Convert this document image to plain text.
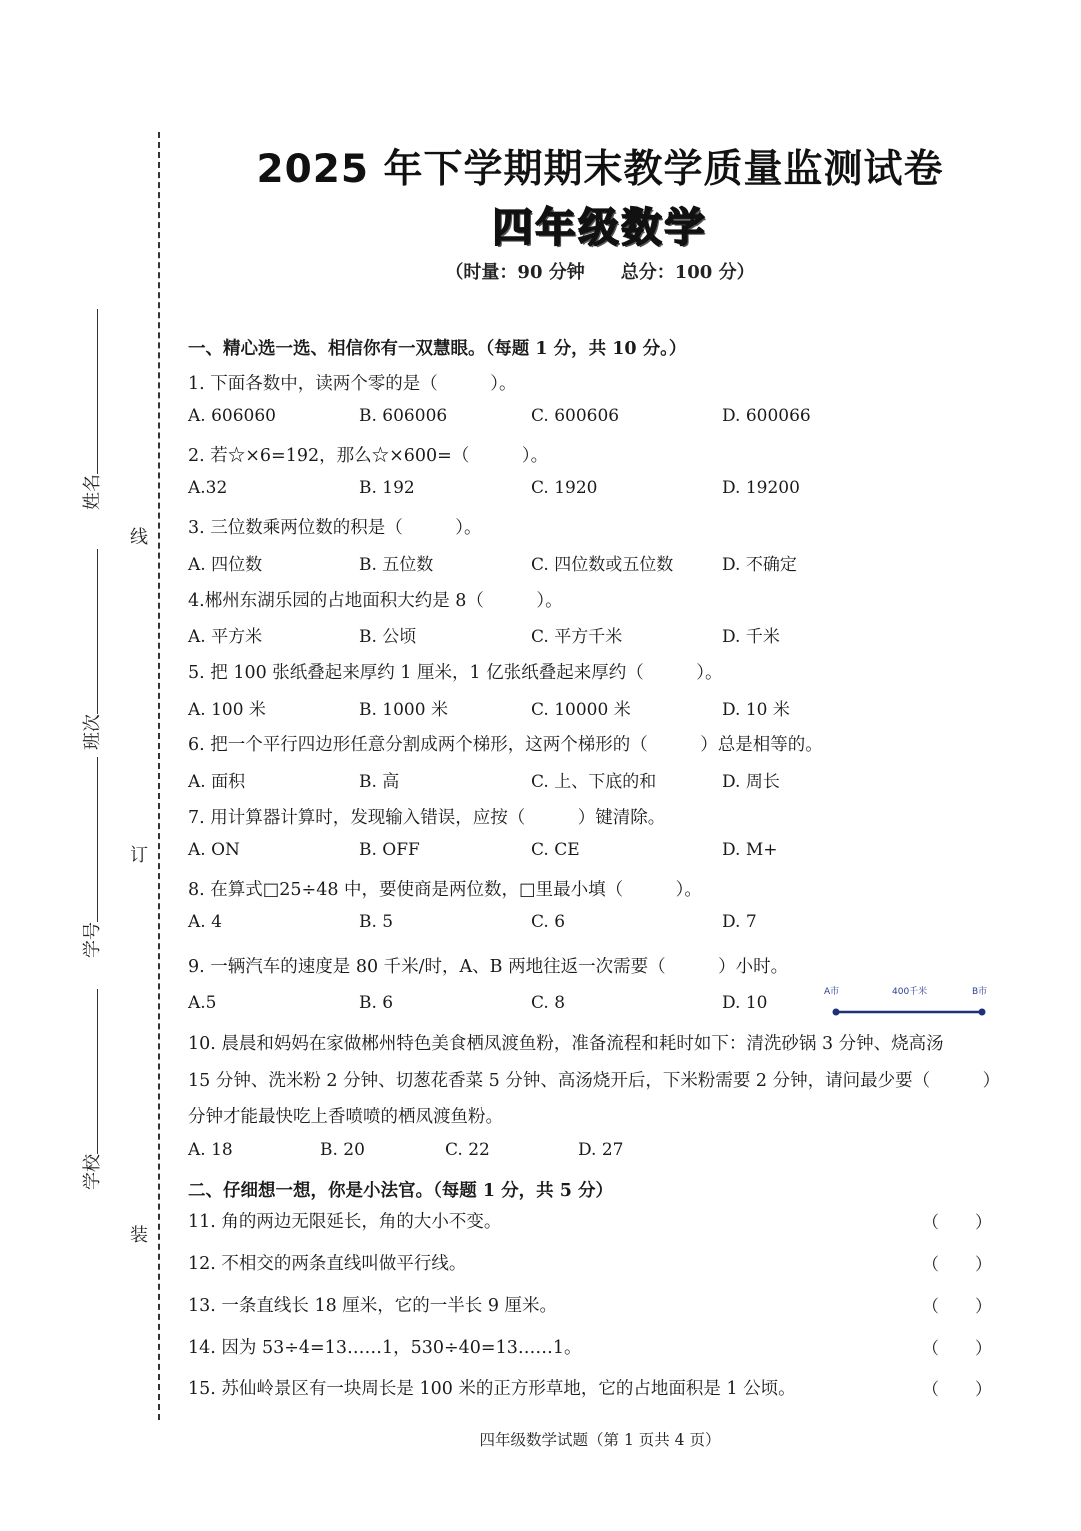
2025 年下学期期末教学质量监测试卷
四年级数学
（时量：90 分钟　　总分：100 分）
姓名
班次
学号
学校
线
订
装
一、精心选一选、相信你有一双慧眼。（每题 1 分，共 10 分。）
1. 下面各数中，读两个零的是（　　　）。
A. 606060	B. 606006	C. 600606	D. 600066
2. 若☆×6=192，那么☆×600=（　　　）。
A.32	B. 192	C. 1920	D. 19200
3. 三位数乘两位数的积是（　　　）。
A. 四位数	B. 五位数	C. 四位数或五位数	D. 不确定
4.郴州东湖乐园的占地面积大约是 8（　　　）。
A. 平方米	B. 公顷	C. 平方千米	D. 千米
5. 把 100 张纸叠起来厚约 1 厘米，1 亿张纸叠起来厚约（　　　）。
A. 100 米	B. 1000 米	C. 10000 米	D. 10 米
6. 把一个平行四边形任意分割成两个梯形，这两个梯形的（　　　）总是相等的。
A. 面积	B. 高	C. 上、下底的和	D. 周长
7. 用计算器计算时，发现输入错误，应按（　　　）键清除。
A. ON	B. OFF	C. CE	D. M+
8. 在算式□25÷48 中，要使商是两位数，□里最小填（　　　）。
A. 4	B. 5	C. 6	D. 7
9. 一辆汽车的速度是 80 千米/时，A、B 两地往返一次需要（　　　）小时。
A.5	B. 6	C. 8	D. 10
A市	400千米	B市
10. 晨晨和妈妈在家做郴州特色美食栖凤渡鱼粉，准备流程和耗时如下：清洗砂锅 3 分钟、烧高汤
15 分钟、洗米粉 2 分钟、切葱花香菜 5 分钟、高汤烧开后，下米粉需要 2 分钟，请问最少要（　　　）
分钟才能最快吃上香喷喷的栖凤渡鱼粉。
A. 18	B. 20	C. 22	D. 27
二、仔细想一想，你是小法官。（每题 1 分，共 5 分）
11. 角的两边无限延长，角的大小不变。	（ ）
12. 不相交的两条直线叫做平行线。	（ ）
13. 一条直线长 18 厘米，它的一半长 9 厘米。	（ ）
14. 因为 53÷4=13……1，530÷40=13……1。	（ ）
15. 苏仙岭景区有一块周长是 100 米的正方形草地，它的占地面积是 1 公顷。	（ ）
四年级数学试题（第 1 页共 4 页）
